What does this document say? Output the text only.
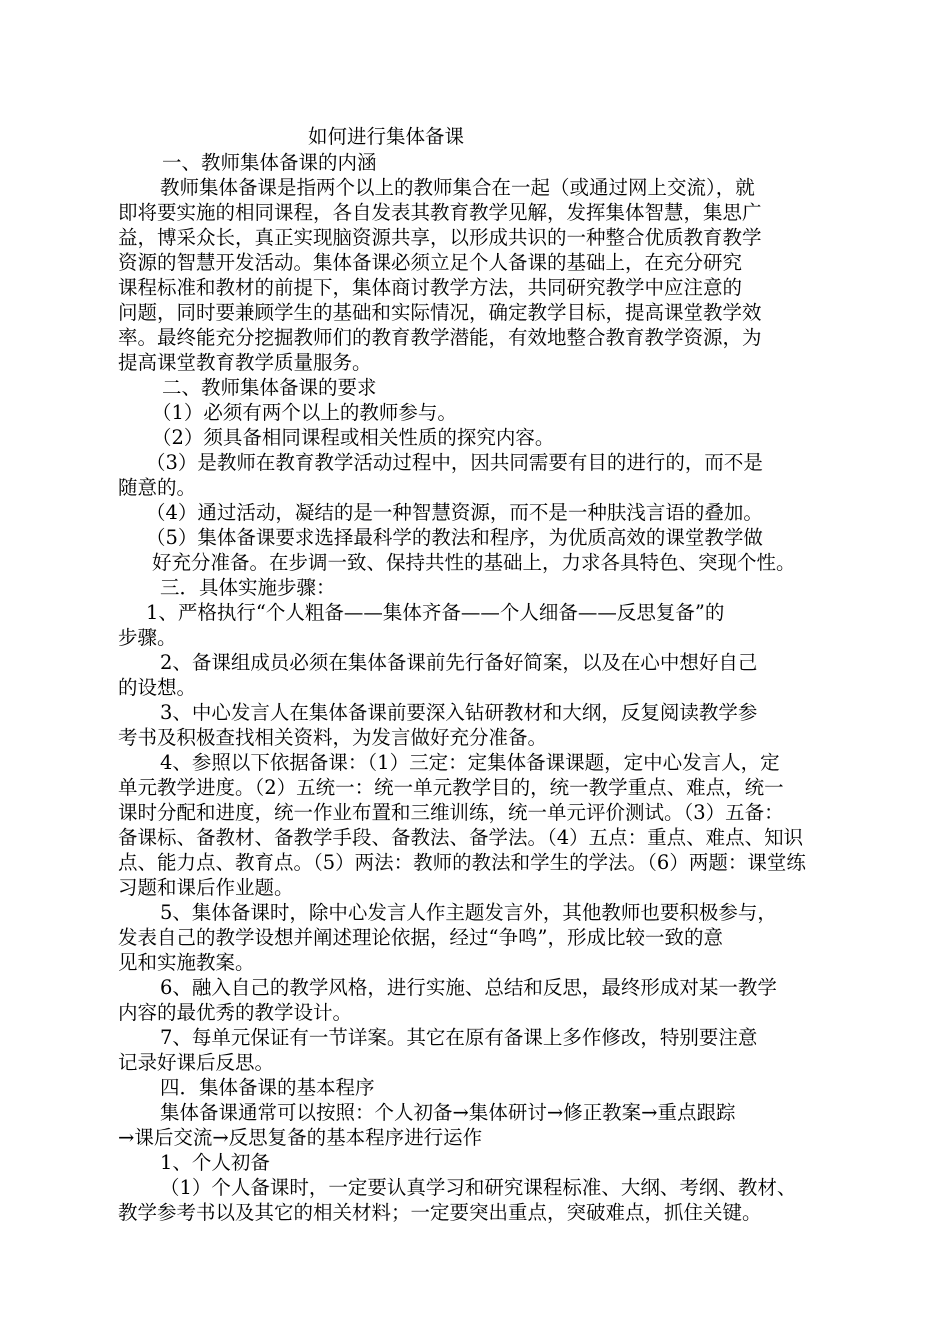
如何进行集体备课
一、教师集体备课的内涵
教师集体备课是指两个以上的教师集合在一起（或通过网上交流），就
即将要实施的相同课程，各自发表其教育教学见解，发挥集体智慧，集思广
益，博采众长，真正实现脑资源共享，以形成共识的一种整合优质教育教学
资源的智慧开发活动。集体备课必须立足个人备课的基础上，在充分研究
课程标准和教材的前提下，集体商讨教学方法，共同研究教学中应注意的
问题，同时要兼顾学生的基础和实际情况，确定教学目标，提高课堂教学效
率。最终能充分挖掘教师们的教育教学潜能，有效地整合教育教学资源，为
提高课堂教育教学质量服务。
二、教师集体备课的要求
（1）必须有两个以上的教师参与。
（2）须具备相同课程或相关性质的探究内容。
（3）是教师在教育教学活动过程中，因共同需要有目的进行的，而不是
随意的。
（4）通过活动，凝结的是一种智慧资源，而不是一种肤浅言语的叠加。
（5）集体备课要求选择最科学的教法和程序，为优质高效的课堂教学做
好充分准备。在步调一致、保持共性的基础上，力求各具特色、突现个性。
三．具体实施步骤：
1、严格执行“个人粗备——集体齐备——个人细备——反思复备”的
步骤。
2、备课组成员必须在集体备课前先行备好简案，以及在心中想好自己
的设想。
3、中心发言人在集体备课前要深入钻研教材和大纲，反复阅读教学参
考书及积极查找相关资料，为发言做好充分准备。
4、参照以下依据备课：（1）三定：定集体备课课题，定中心发言人，定
单元教学进度。（2）五统一：统一单元教学目的，统一教学重点、难点，统一
课时分配和进度，统一作业布置和三维训练，统一单元评价测试。（3）五备：
备课标、备教材、备教学手段、备教法、备学法。（4）五点：重点、难点、知识
点、能力点、教育点。（5）两法：教师的教法和学生的学法。（6）两题：课堂练
习题和课后作业题。
5、集体备课时，除中心发言人作主题发言外，其他教师也要积极参与，
发表自己的教学设想并阐述理论依据，经过“争鸣”，形成比较一致的意
见和实施教案。
6、融入自己的教学风格，进行实施、总结和反思，最终形成对某一教学
内容的最优秀的教学设计。
7、每单元保证有一节详案。其它在原有备课上多作修改，特别要注意
记录好课后反思。
四．集体备课的基本程序
集体备课通常可以按照：个人初备→集体研讨→修正教案→重点跟踪
→课后交流→反思复备的基本程序进行运作
1、个人初备
（1）个人备课时，一定要认真学习和研究课程标准、大纲、考纲、教材、
教学参考书以及其它的相关材料；一定要突出重点，突破难点，抓住关键。
